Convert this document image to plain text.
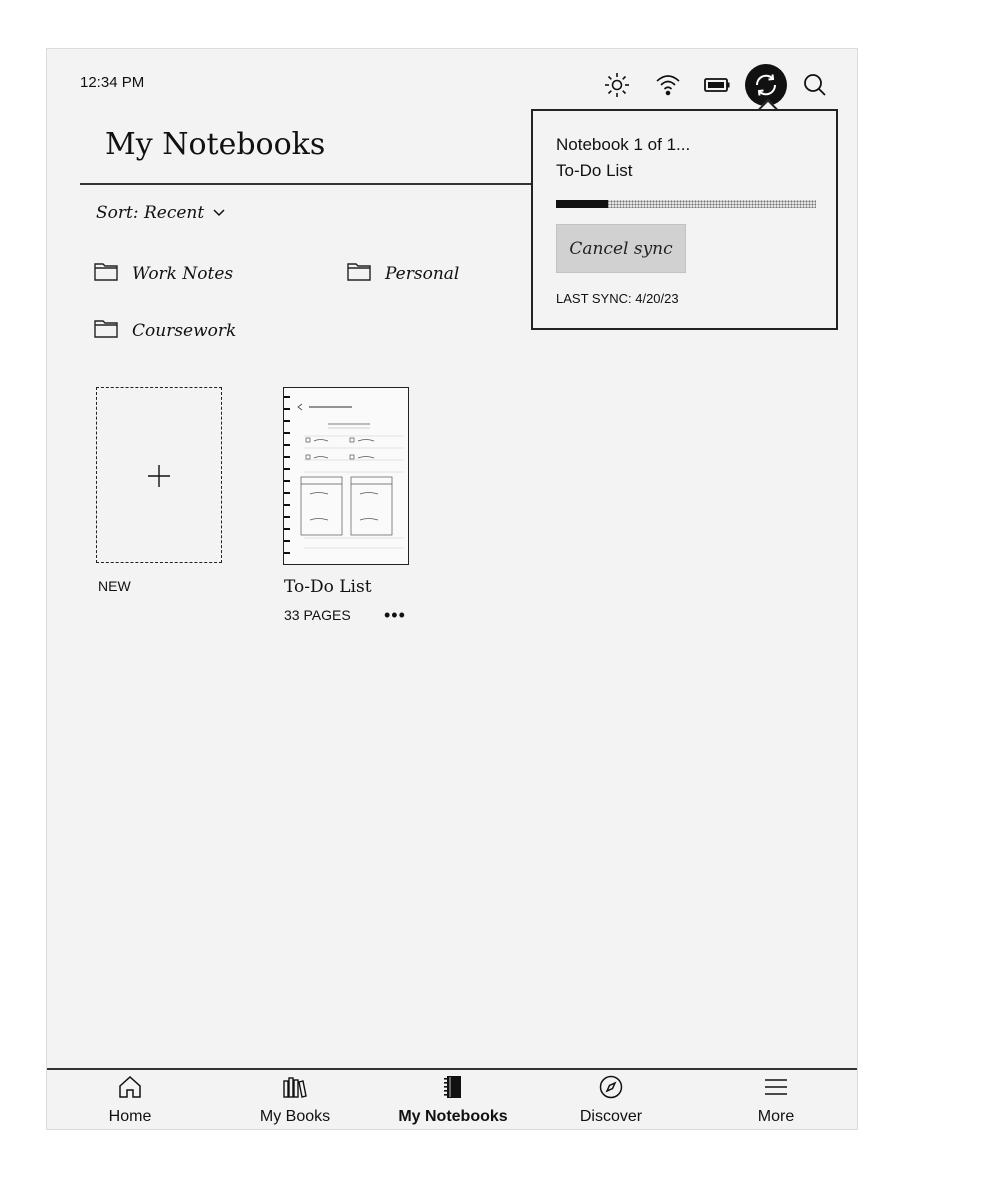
12:34 PM
My Notebooks
Sort: Recent
Work Notes	Personal
Coursework
NEW	To-Do List
33 PAGES •••
Notebook 1 of 1...
To-Do List
Cancel sync
LAST SYNC: 4/20/23
Home	My Books	My Notebooks	Discover	More
